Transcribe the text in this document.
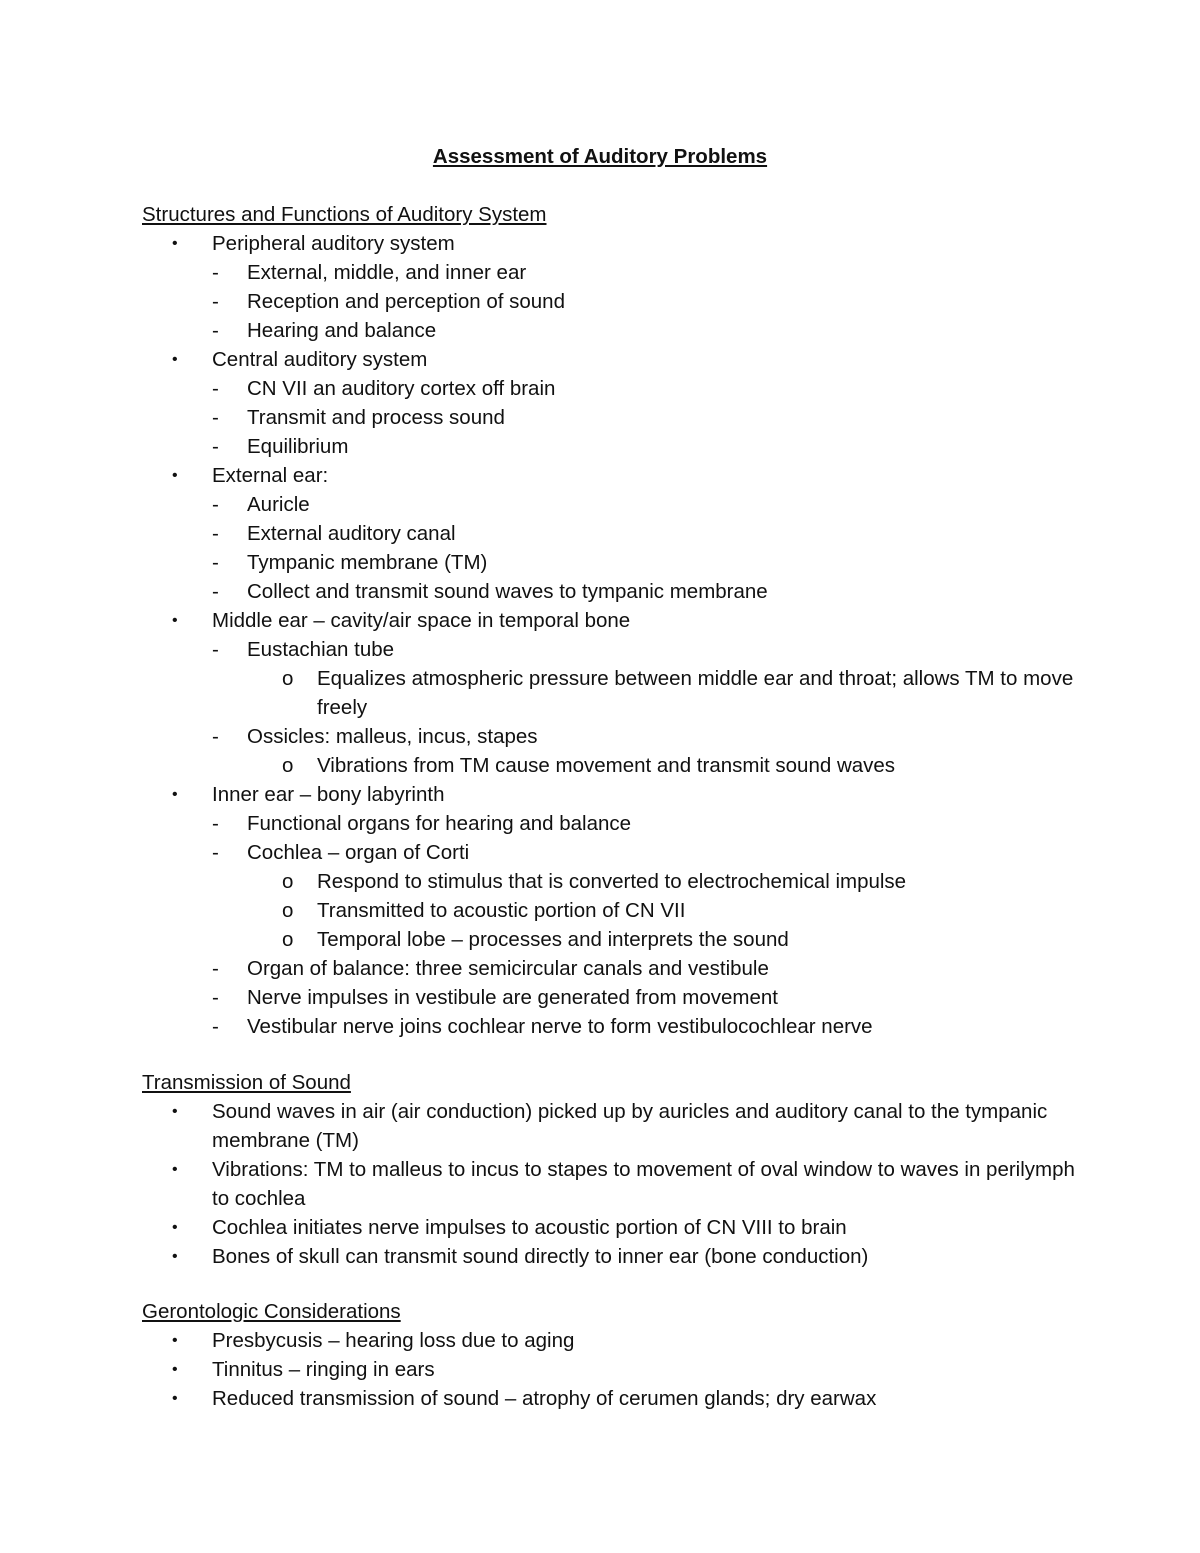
Assessment of Auditory Problems
Structures and Functions of Auditory System
• Peripheral auditory system
- External, middle, and inner ear
- Reception and perception of sound
- Hearing and balance
• Central auditory system
- CN VII an auditory cortex off brain
- Transmit and process sound
- Equilibrium
• External ear:
- Auricle
- External auditory canal
- Tympanic membrane (TM)
- Collect and transmit sound waves to tympanic membrane
• Middle ear – cavity/air space in temporal bone
- Eustachian tube
o Equalizes atmospheric pressure between middle ear and throat; allows TM to move freely
- Ossicles: malleus, incus, stapes
o Vibrations from TM cause movement and transmit sound waves
• Inner ear – bony labyrinth
- Functional organs for hearing and balance
- Cochlea – organ of Corti
o Respond to stimulus that is converted to electrochemical impulse
o Transmitted to acoustic portion of CN VII
o Temporal lobe – processes and interprets the sound
- Organ of balance: three semicircular canals and vestibule
- Nerve impulses in vestibule are generated from movement
- Vestibular nerve joins cochlear nerve to form vestibulocochlear nerve
Transmission of Sound
• Sound waves in air (air conduction) picked up by auricles and auditory canal to the tympanic membrane (TM)
• Vibrations: TM to malleus to incus to stapes to movement of oval window to waves in perilymph to cochlea
• Cochlea initiates nerve impulses to acoustic portion of CN VIII to brain
• Bones of skull can transmit sound directly to inner ear (bone conduction)
Gerontologic Considerations
• Presbycusis – hearing loss due to aging
• Tinnitus – ringing in ears
• Reduced transmission of sound – atrophy of cerumen glands; dry earwax
